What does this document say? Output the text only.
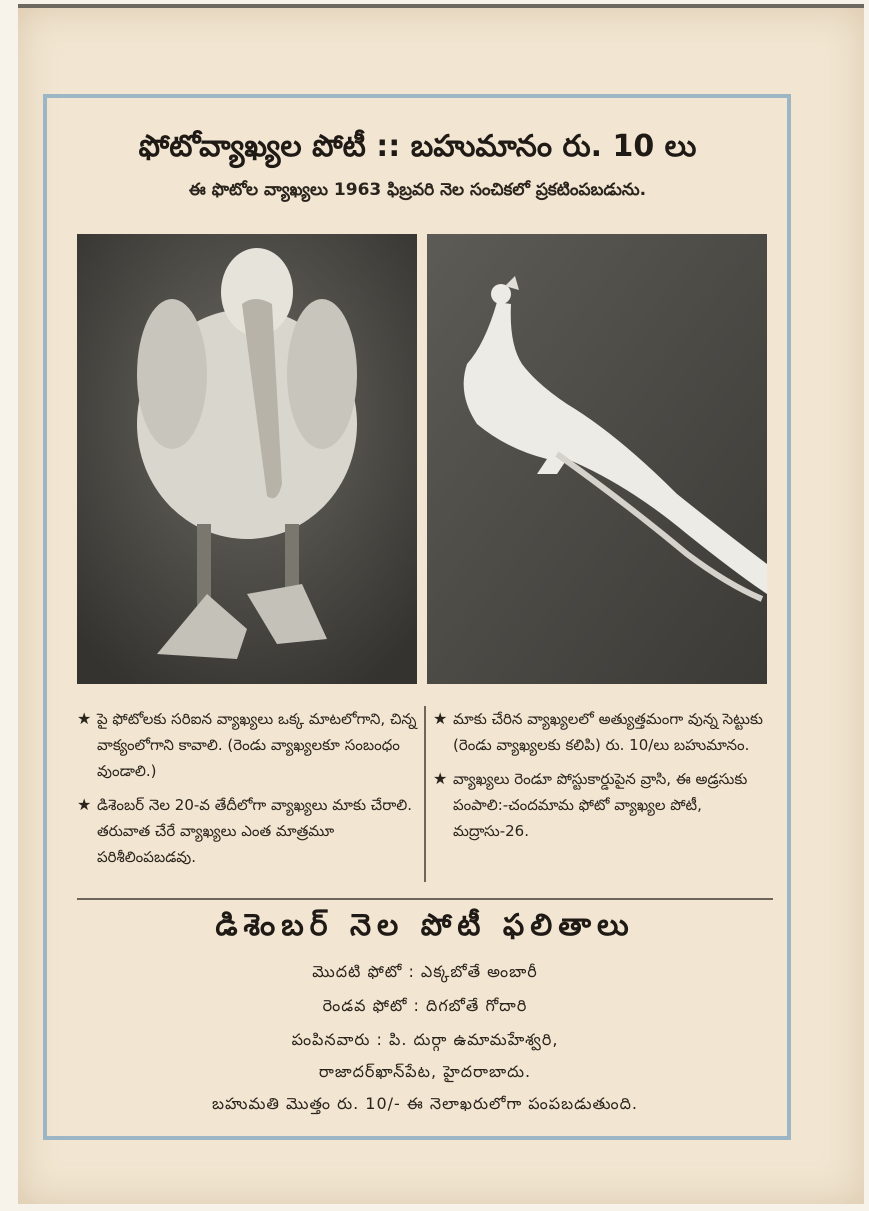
ఫోటోవ్యాఖ్యల పోటీ :: బహుమానం రు. 10 లు
ఈ ఫొటోల వ్యాఖ్యలు 1963 ఫిబ్రవరి నెల సంచికలో ప్రకటింపబడును.
★ పై ఫోటోలకు సరిఐన వ్యాఖ్యలు ఒక్క మాటలోగాని, చిన్న వాక్యంలోగాని కావాలి. (రెండు వ్యాఖ్యలకూ సంబంధం వుండాలి.)
★ డిశెంబర్ నెల 20-వ తేదీలోగా వ్యాఖ్యలు మాకు చేరాలి. తరువాత చేరే వ్యాఖ్యలు ఎంత మాత్రమూ పరిశీలింపబడవు.
★ మాకు చేరిన వ్యాఖ్యలలో అత్యుత్తమంగా వున్న సెట్టుకు (రెండు వ్యాఖ్యలకు కలిపి) రు. 10/లు బహుమానం.
★ వ్యాఖ్యలు రెండూ పోస్టుకార్డుపైన వ్రాసి, ఈ అడ్రసుకు పంపాలి:-చందమామ ఫోటో వ్యాఖ్యల పోటీ, మద్రాసు-26.
డిశెంబర్ నెల పోటీ ఫలితాలు
మొదటి ఫోటో : ఎక్కబోతే అంబారీ
రెండవ ఫోటో : దిగబోతే గోదారి
పంపినవారు : పి. దుర్గా ఉమామహేశ్వరి,
రాజాదర్‌ఖాన్‌పేట, హైదరాబాదు.
బహుమతి మొత్తం రు. 10/- ఈ నెలాఖరులోగా పంపబడుతుంది.
